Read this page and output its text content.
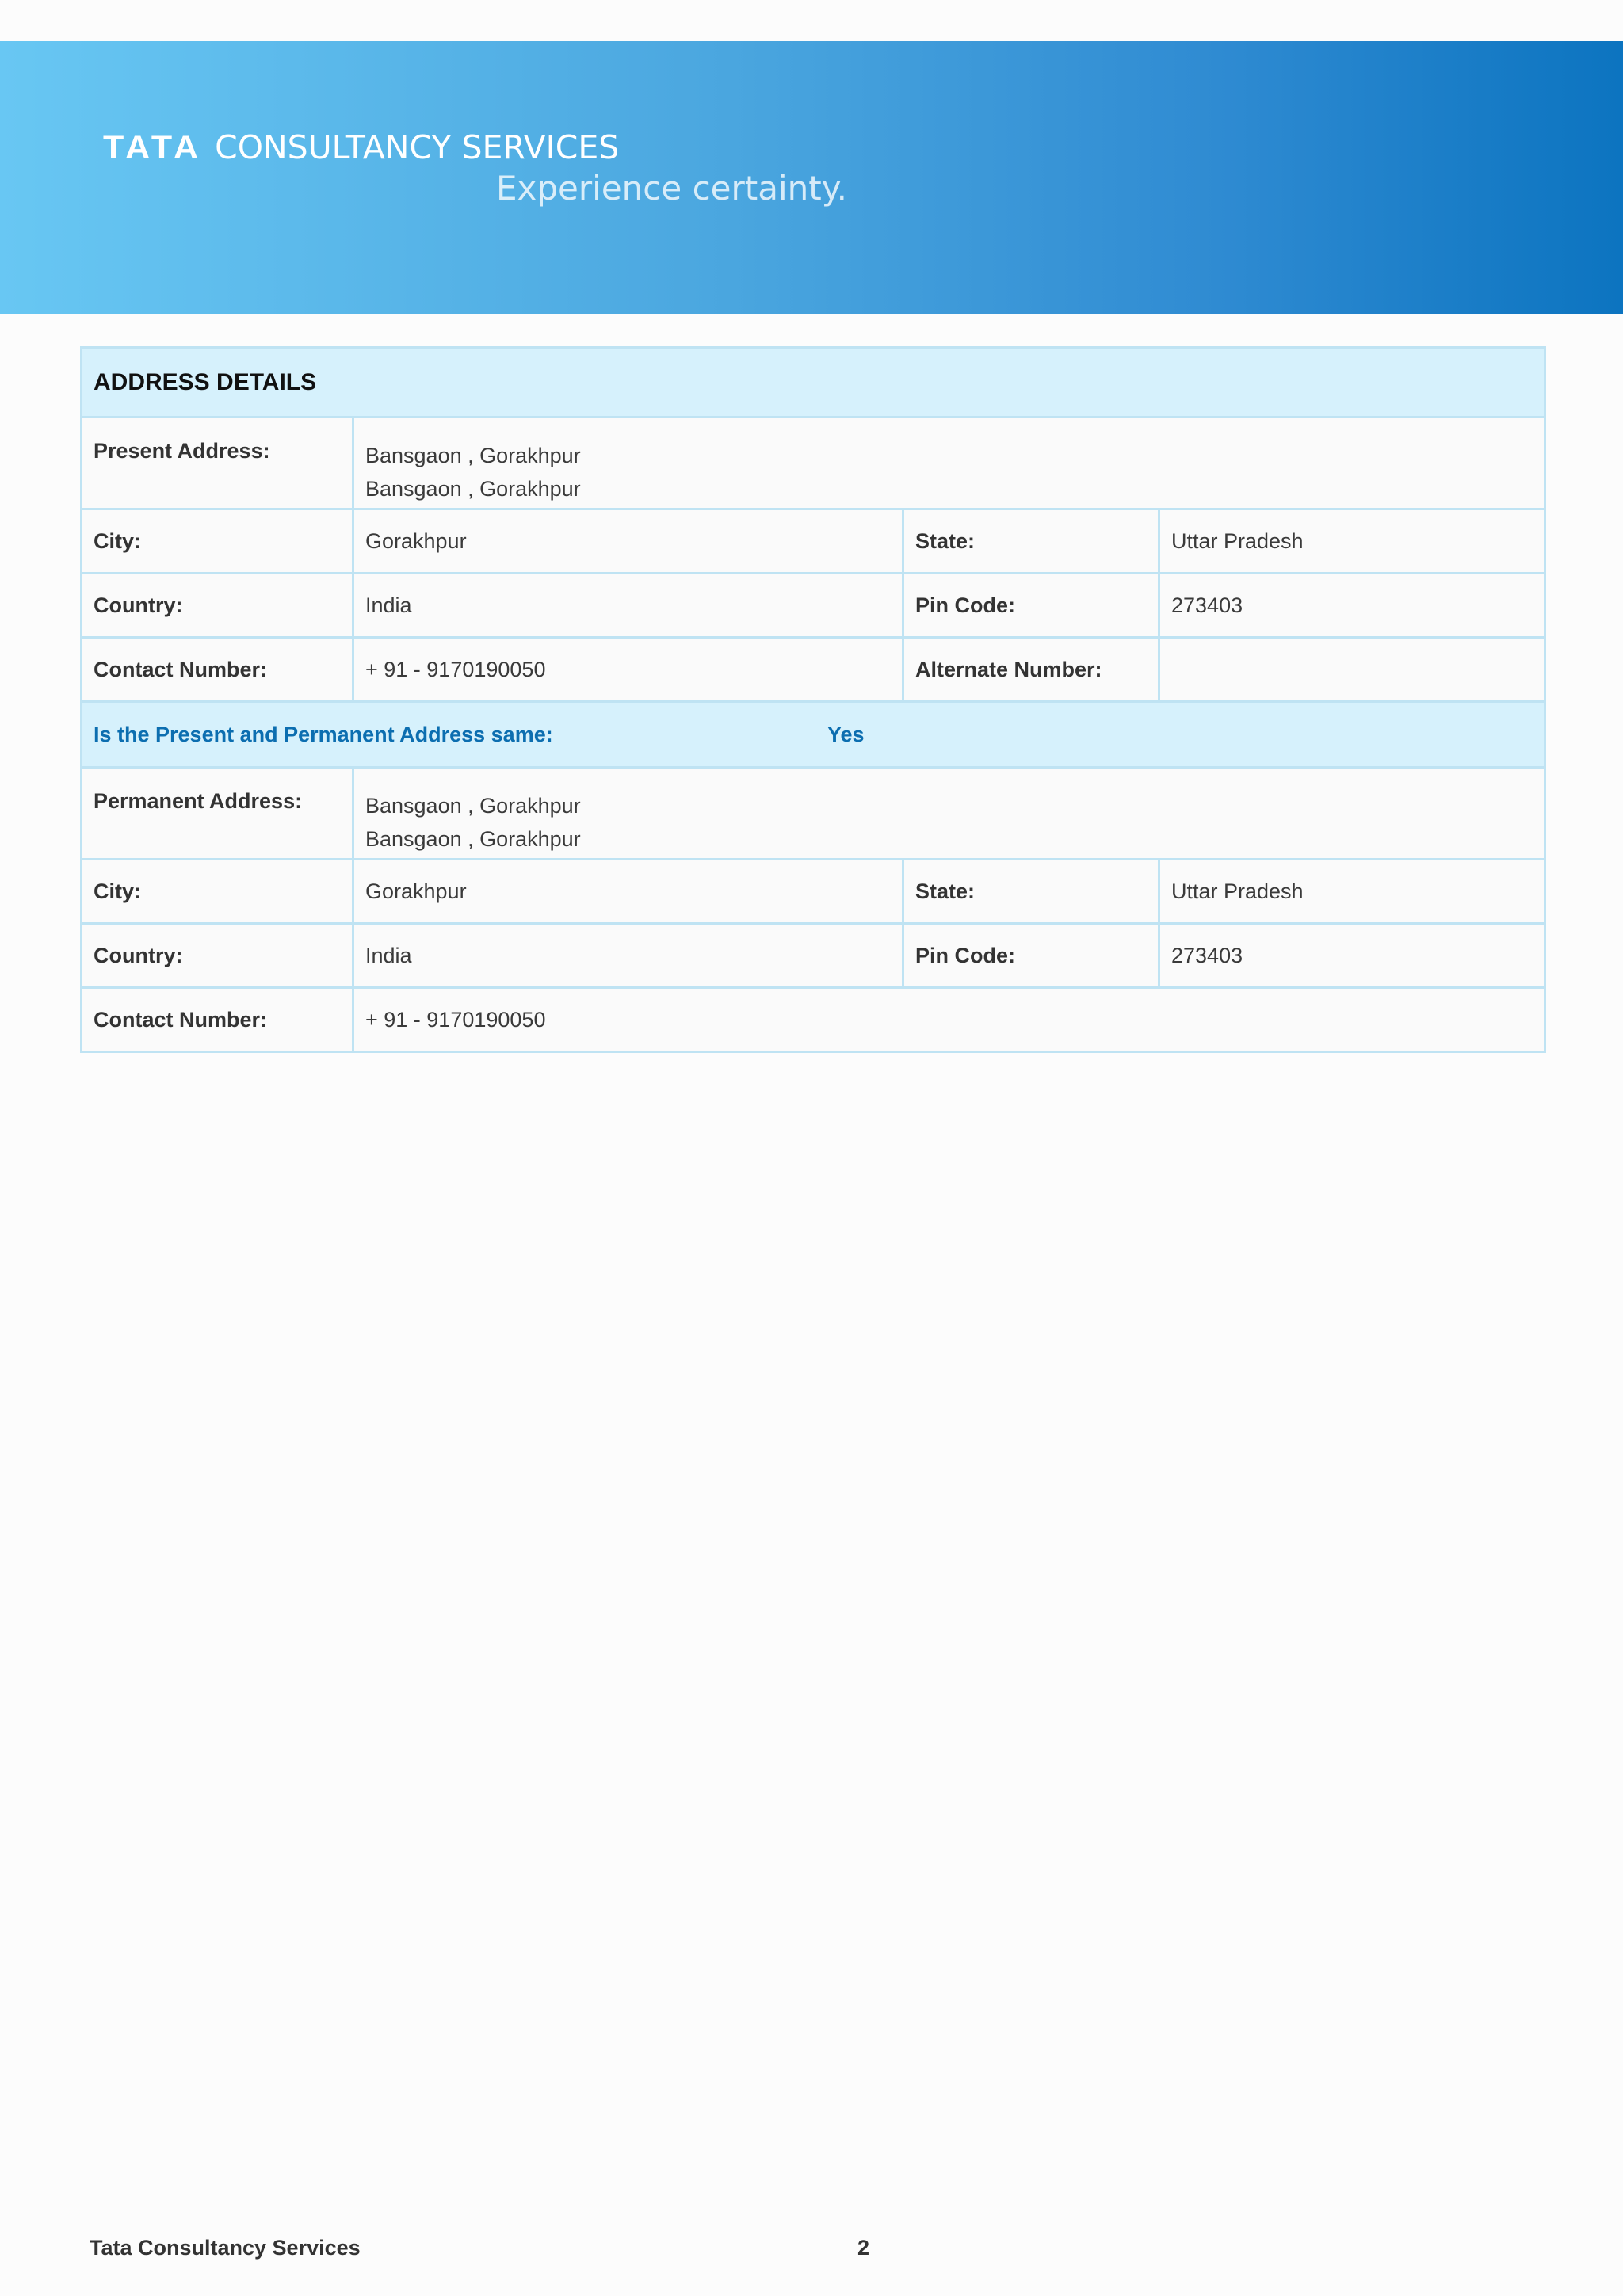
TATA CONSULTANCY SERVICES
Experience certainty.
ADDRESS DETAILS			
Present Address:	Bansgaon , Gorakhpur
Bansgaon , Gorakhpur		

City:	Gorakhpur	State:	Uttar Pradesh
Country:	India	Pin Code:	273403
Contact Number:	+ 91 - 9170190050	Alternate Number:	
Is the Present and Permanent Address same: Yes			
Permanent Address:	Bansgaon , Gorakhpur
Bansgaon , Gorakhpur		

City:	Gorakhpur	State:	Uttar Pradesh
Country:	India	Pin Code:	273403
Contact Number:	+ 91 - 9170190050		
Tata Consultancy Services	2
